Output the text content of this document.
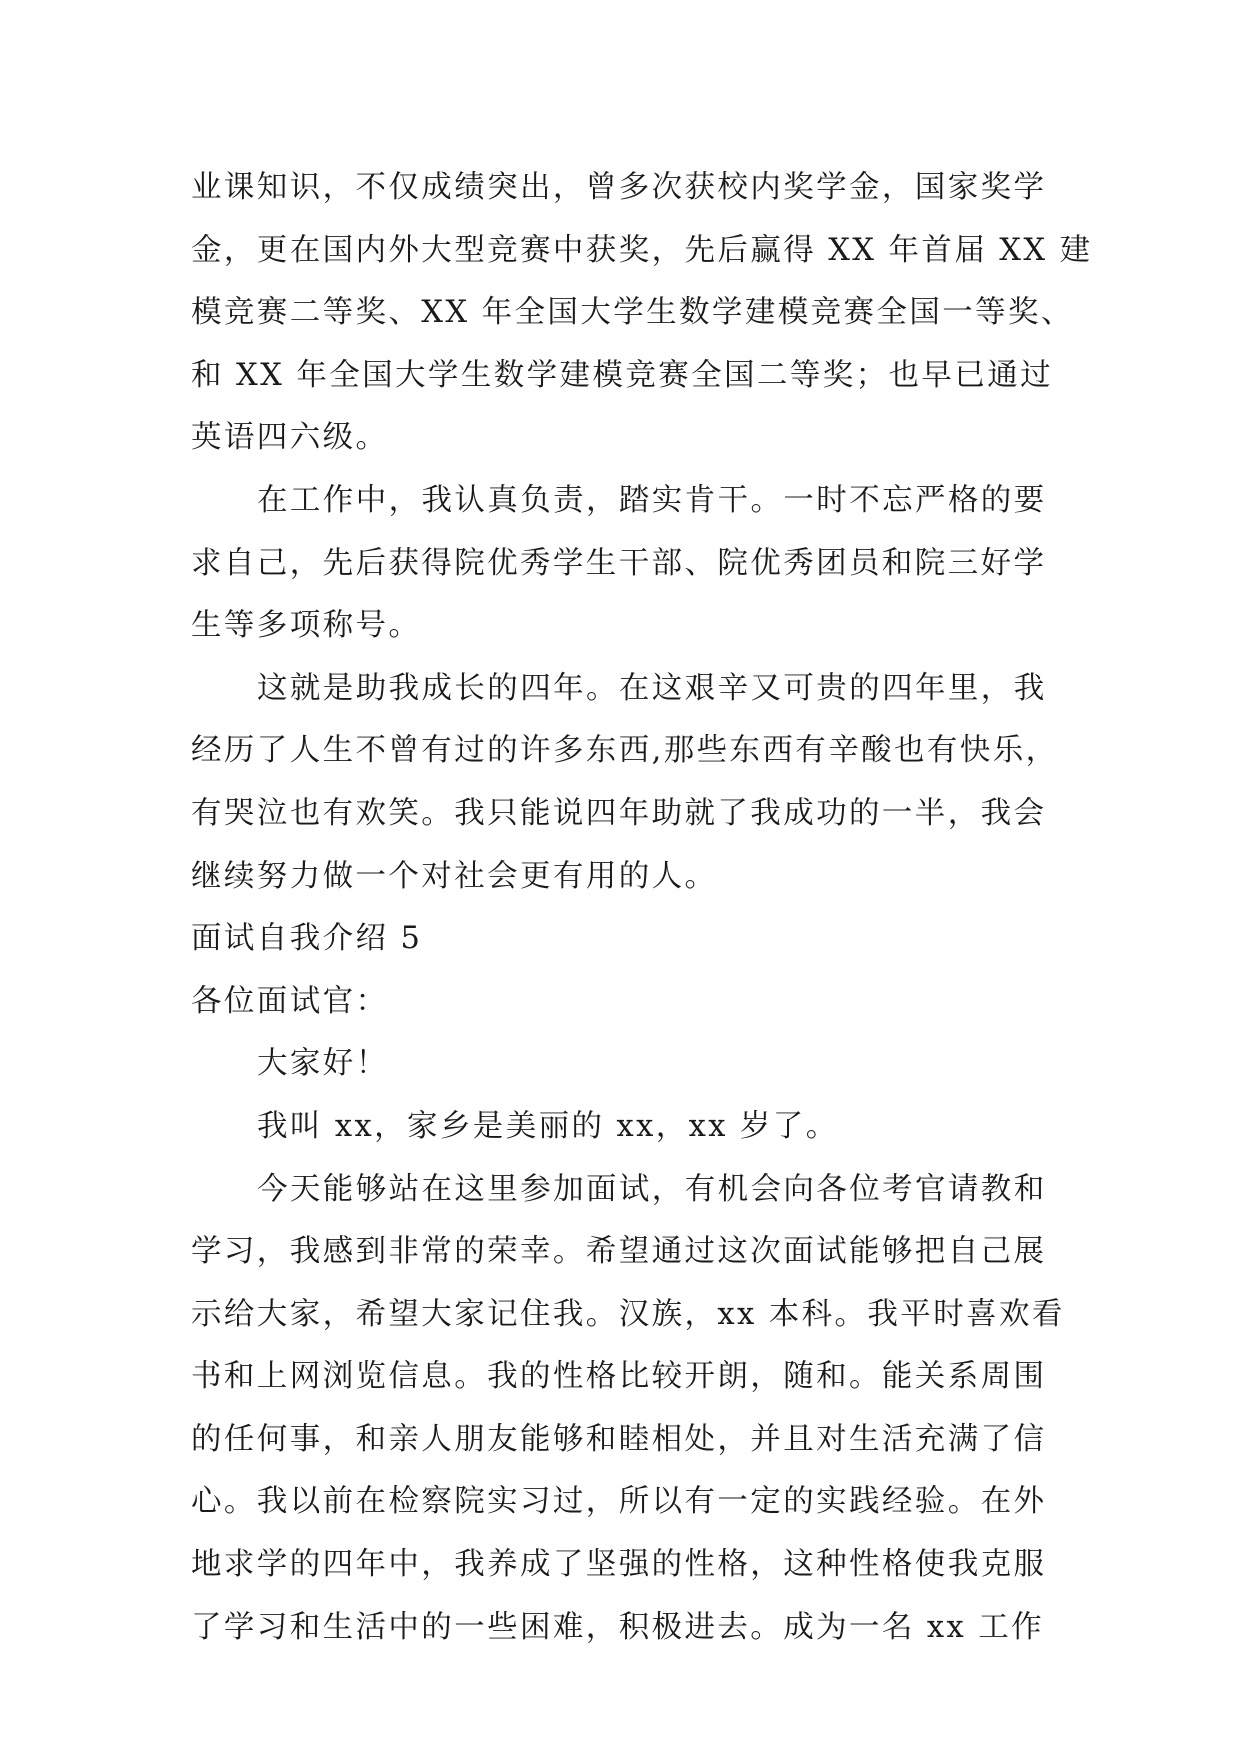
业课知识，不仅成绩突出，曾多次获校内奖学金，国家奖学
金，更在国内外大型竞赛中获奖，先后赢得 XX 年首届 XX 建
模竞赛二等奖、XX 年全国大学生数学建模竞赛全国一等奖、
和 XX 年全国大学生数学建模竞赛全国二等奖；也早已通过
英语四六级。
在工作中，我认真负责，踏实肯干。一时不忘严格的要
求自己，先后获得院优秀学生干部、院优秀团员和院三好学
生等多项称号。
这就是助我成长的四年。在这艰辛又可贵的四年里，我
经历了人生不曾有过的许多东西,那些东西有辛酸也有快乐，
有哭泣也有欢笑。我只能说四年助就了我成功的一半，我会
继续努力做一个对社会更有用的人。
面试自我介绍 5
各位面试官：
大家好！
我叫 xx，家乡是美丽的 xx，xx 岁了。
今天能够站在这里参加面试，有机会向各位考官请教和
学习，我感到非常的荣幸。希望通过这次面试能够把自己展
示给大家，希望大家记住我。汉族，xx 本科。我平时喜欢看
书和上网浏览信息。我的性格比较开朗，随和。能关系周围
的任何事，和亲人朋友能够和睦相处，并且对生活充满了信
心。我以前在检察院实习过，所以有一定的实践经验。在外
地求学的四年中，我养成了坚强的性格，这种性格使我克服
了学习和生活中的一些困难，积极进去。成为一名 xx 工作
